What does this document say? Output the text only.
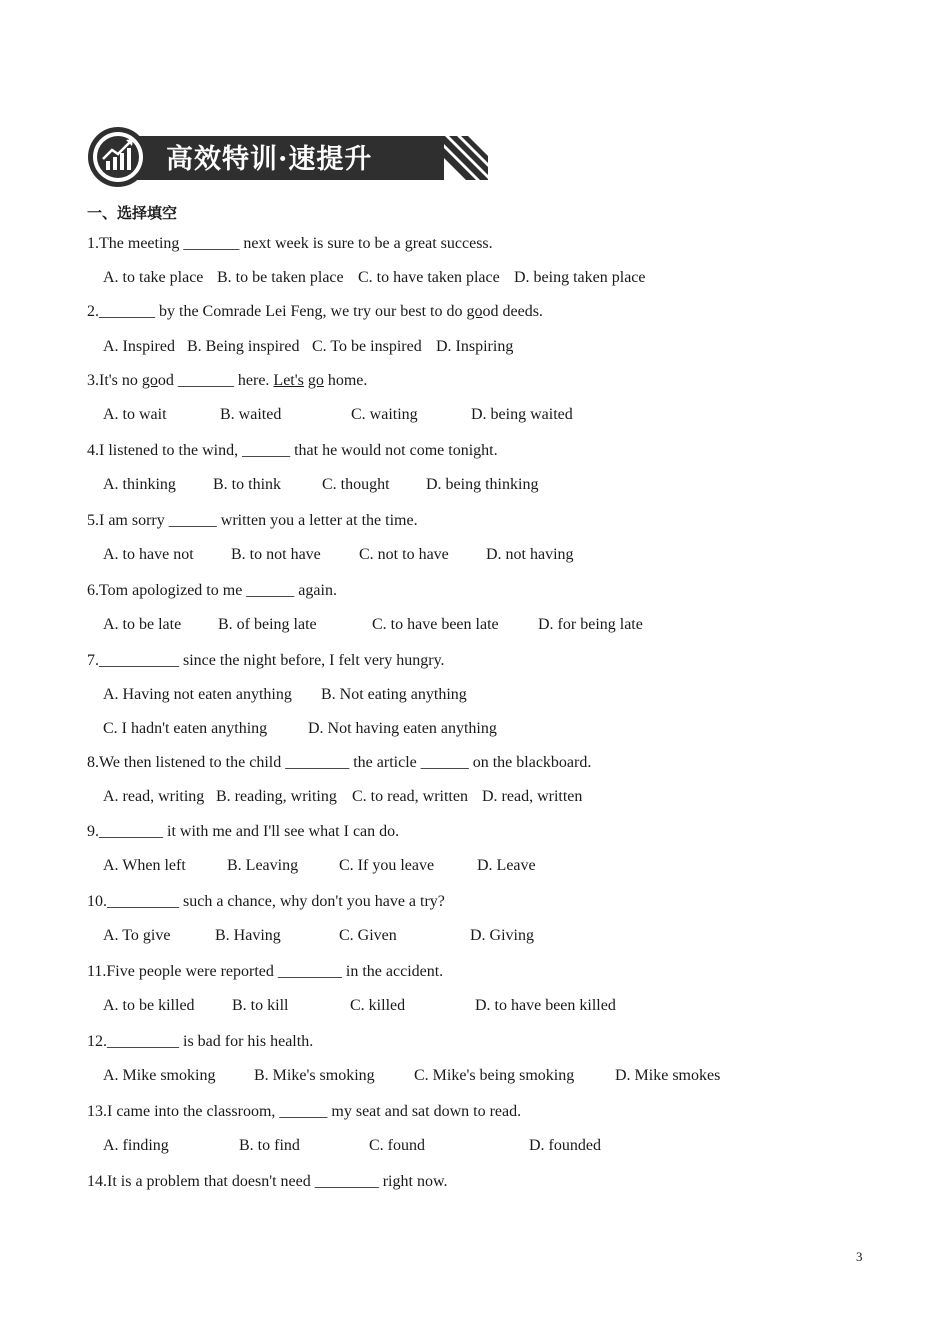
高效特训·速提升
一、选择填空
1.The meeting _______ next week is sure to be a great success.
A. to take place B. to be taken place C. to have taken place D. being taken place
2._______ by the Comrade Lei Feng, we try our best to do good deeds.
A. Inspired B. Being inspired C. To be inspired D. Inspiring
3.It's no good _______ here. Let's go home.
A. to wait	B. waited	C. waiting	D. being waited
4.I listened to the wind, ______ that he would not come tonight.
A. thinking B. to think	C. thought D. being thinking
5.I am sorry ______ written you a letter at the time.
A. to have not B. to not have C. not to have D. not having
6.Tom apologized to me ______ again.
A. to be late B. of being late	C. to have been late D. for being late
7.__________ since the night before, I felt very hungry.
A. Having not eaten anything B. Not eating anything
C. I hadn't eaten anything	D. Not having eaten anything
8.We then listened to the child ________ the article ______ on the blackboard.
A. read, writing B. reading, writing C. to read, written D. read, written
9.________ it with me and I'll see what I can do.
A. When left	B. Leaving	C. If you leave	D. Leave
10._________ such a chance, why don't you have a try?
A. To give	B. Having	C. Given	D. Giving
11.Five people were reported ________ in the accident.
A. to be killed B. to kill	C. killed	D. to have been killed
12._________ is bad for his health.
A. Mike smoking B. Mike's smoking C. Mike's being smoking	D. Mike smokes
13.I came into the classroom, ______ my seat and sat down to read.
A. finding	B. to find	C. found	D. founded
14.It is a problem that doesn't need ________ right now.
3
